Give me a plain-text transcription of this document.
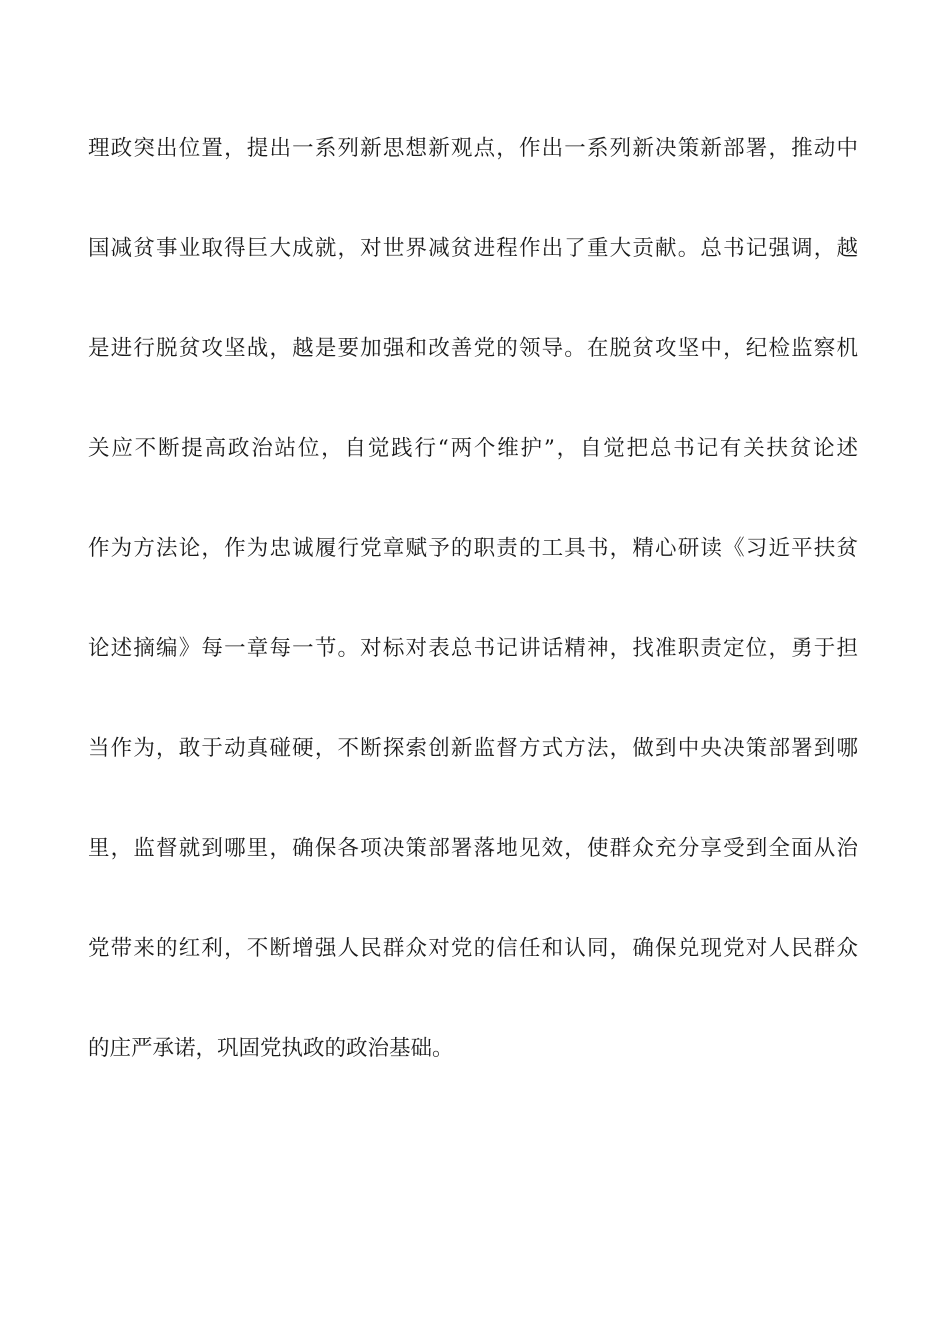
理政突出位置，提出一系列新思想新观点，作出一系列新决策新部署，推动中
国减贫事业取得巨大成就，对世界减贫进程作出了重大贡献。总书记强调，越
是进行脱贫攻坚战，越是要加强和改善党的领导。在脱贫攻坚中，纪检监察机
关应不断提高政治站位，自觉践行“两个维护”，自觉把总书记有关扶贫论述
作为方法论，作为忠诚履行党章赋予的职责的工具书，精心研读《习近平扶贫
论述摘编》每一章每一节。对标对表总书记讲话精神，找准职责定位，勇于担
当作为，敢于动真碰硬，不断探索创新监督方式方法，做到中央决策部署到哪
里，监督就到哪里，确保各项决策部署落地见效，使群众充分享受到全面从治
党带来的红利，不断增强人民群众对党的信任和认同，确保兑现党对人民群众
的庄严承诺，巩固党执政的政治基础。
